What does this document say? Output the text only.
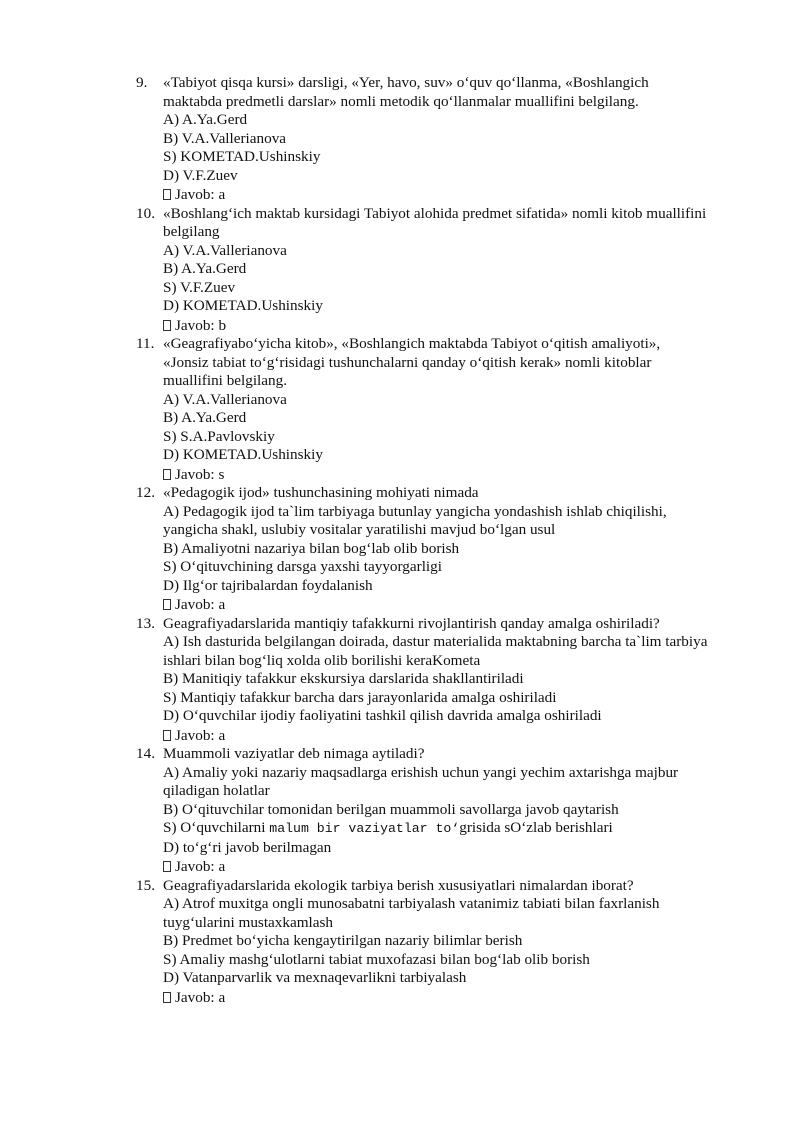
9. «Tabiyot qisqa kursi» darsligi, «Yer, havo, suv» o‘quv qo‘llanma, «Boshlangich
maktabda predmetli darslar» nomli metodik qo‘llanmalar muallifini belgilang.
A) A.Ya.Gerd
B) V.A.Vallerianova
S) KOMETAD.Ushinskiy
D) V.F.Zuev
Javob: a
10. «Boshlang‘ich maktab kursidagi Tabiyot alohida predmet sifatida» nomli kitob muallifini
belgilang
A) V.A.Vallerianova
B) A.Ya.Gerd
S) V.F.Zuev
D) KOMETAD.Ushinskiy
Javob: b
11. «Geagrafiyabo‘yicha kitob», «Boshlangich maktabda Tabiyot o‘qitish amaliyoti»,
«Jonsiz tabiat to‘g‘risidagi tushunchalarni qanday o‘qitish kerak» nomli kitoblar
muallifini belgilang.
A) V.A.Vallerianova
B) A.Ya.Gerd
S) S.A.Pavlovskiy
D) KOMETAD.Ushinskiy
Javob: s
12. «Pedagogik ijod» tushunchasining mohiyati nimada
A) Pedagogik ijod ta`lim tarbiyaga butunlay yangicha yondashish ishlab chiqilishi,
yangicha shakl, uslubiy vositalar yaratilishi mavjud bo‘lgan usul
B) Amaliyotni nazariya bilan bog‘lab olib borish
S) O‘qituvchining darsga yaxshi tayyorgarligi
D) Ilg‘or tajribalardan foydalanish
Javob: a
13. Geagrafiyadarslarida mantiqiy tafakkurni rivojlantirish qanday amalga oshiriladi?
A) Ish dasturida belgilangan doirada, dastur materialida maktabning barcha ta`lim tarbiya
ishlari bilan bog‘liq xolda olib borilishi keraKometa
B) Manitiqiy tafakkur ekskursiya darslarida shakllantiriladi
S) Mantiqiy tafakkur barcha dars jarayonlarida amalga oshiriladi
D) O‘quvchilar ijodiy faoliyatini tashkil qilish davrida amalga oshiriladi
Javob: a
14. Muammoli vaziyatlar deb nimaga aytiladi?
A) Amaliy yoki nazariy maqsadlarga erishish uchun yangi yechim axtarishga majbur
qiladigan holatlar
B) O‘qituvchilar tomonidan berilgan muammoli savollarga javob qaytarish
S) O‘quvchilarni malum bir vaziyatlar to‘grisida sO‘zlab berishlari
D) to‘g‘ri javob berilmagan
Javob: a
15. Geagrafiyadarslarida ekologik tarbiya berish xususiyatlari nimalardan iborat?
A) Atrof muxitga ongli munosabatni tarbiyalash vatanimiz tabiati bilan faxrlanish
tuyg‘ularini mustaxkamlash
B) Predmet bo‘yicha kengaytirilgan nazariy bilimlar berish
S) Amaliy mashg‘ulotlarni tabiat muxofazasi bilan bog‘lab olib borish
D) Vatanparvarlik va mexnaqevarlikni tarbiyalash
Javob: a
